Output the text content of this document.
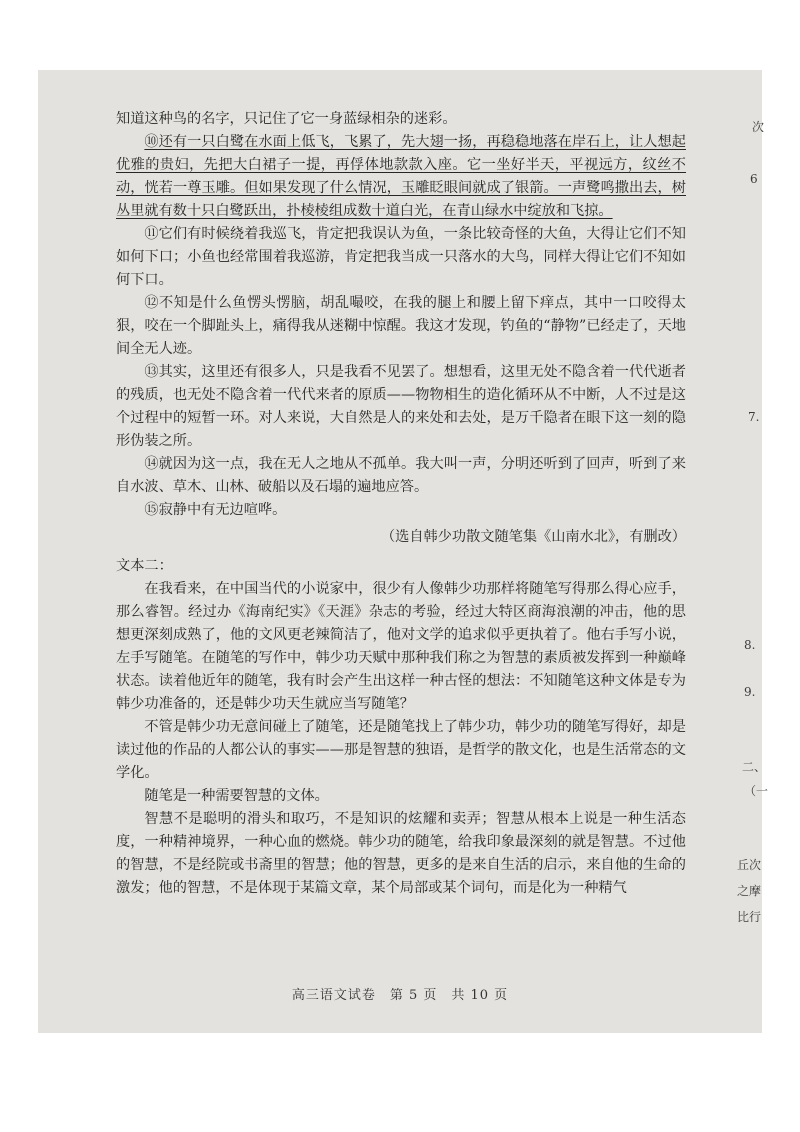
知道这种鸟的名字，只记住了它一身蓝绿相杂的迷彩。

⑩还有一只白鹭在水面上低飞，飞累了，先大翅一扬，再稳稳地落在岸石上，让人想起优雅的贵妇，先把大白裙子一提，再俘体地款款入座。它一坐好半天，平视远方，纹丝不动，恍若一尊玉雕。但如果发现了什么情况，玉雕眨眼间就成了银箭。一声鹭鸣撒出去，树丛里就有数十只白鹭跃出，扑棱棱组成数十道白光，在青山绿水中绽放和飞掠。

⑪它们有时候绕着我巡飞，肯定把我误认为鱼，一条比较奇怪的大鱼，大得让它们不知如何下口；小鱼也经常围着我巡游，肯定把我当成一只落水的大鸟，同样大得让它们不知如何下口。

⑫不知是什么鱼愣头愣脑，胡乱嘬咬，在我的腿上和腰上留下痒点，其中一口咬得太狠，咬在一个脚趾头上，痛得我从迷糊中惊醒。我这才发现，钓鱼的“静物”已经走了，天地间全无人迹。

⑬其实，这里还有很多人，只是我看不见罢了。想想看，这里无处不隐含着一代代逝者的残质，也无处不隐含着一代代来者的原质——物物相生的造化循环从不中断，人不过是这个过程中的短暂一环。对人来说，大自然是人的来处和去处，是万千隐者在眼下这一刻的隐形伪装之所。

⑭就因为这一点，我在无人之地从不孤单。我大叫一声，分明还听到了回声，听到了来自水波、草木、山林、破船以及石塌的遍地应答。

⑮寂静中有无边喧哗。

（选自韩少功散文随笔集《山南水北》，有删改）

文本二：

在我看来，在中国当代的小说家中，很少有人像韩少功那样将随笔写得那么得心应手，那么睿智。经过办《海南纪实》《天涯》杂志的考验，经过大特区商海浪潮的冲击，他的思想更深刻成熟了，他的文风更老辣简洁了，他对文学的追求似乎更执着了。他右手写小说，左手写随笔。在随笔的写作中，韩少功天赋中那种我们称之为智慧的素质被发挥到一种巅峰状态。读着他近年的随笔，我有时会产生出这样一种古怪的想法：不知随笔这种文体是专为韩少功准备的，还是韩少功天生就应当写随笔？

不管是韩少功无意间碰上了随笔，还是随笔找上了韩少功，韩少功的随笔写得好，却是读过他的作品的人都公认的事实——那是智慧的独语，是哲学的散文化，也是生活常态的文学化。

随笔是一种需要智慧的文体。

智慧不是聪明的滑头和取巧，不是知识的炫耀和卖弄；智慧从根本上说是一种生活态度，一种精神境界，一种心血的燃烧。韩少功的随笔，给我印象最深刻的就是智慧。不过他的智慧，不是经院或书斋里的智慧；他的智慧，更多的是来自生活的启示，来自他的生命的激发；他的智慧，不是体现于某篇文章，某个局部或某个词句，而是化为一种精气

高三语文试卷　第 5 页　共 10 页
次
6
7.
8.
9.
二、
（一
丘次
之摩
比行
